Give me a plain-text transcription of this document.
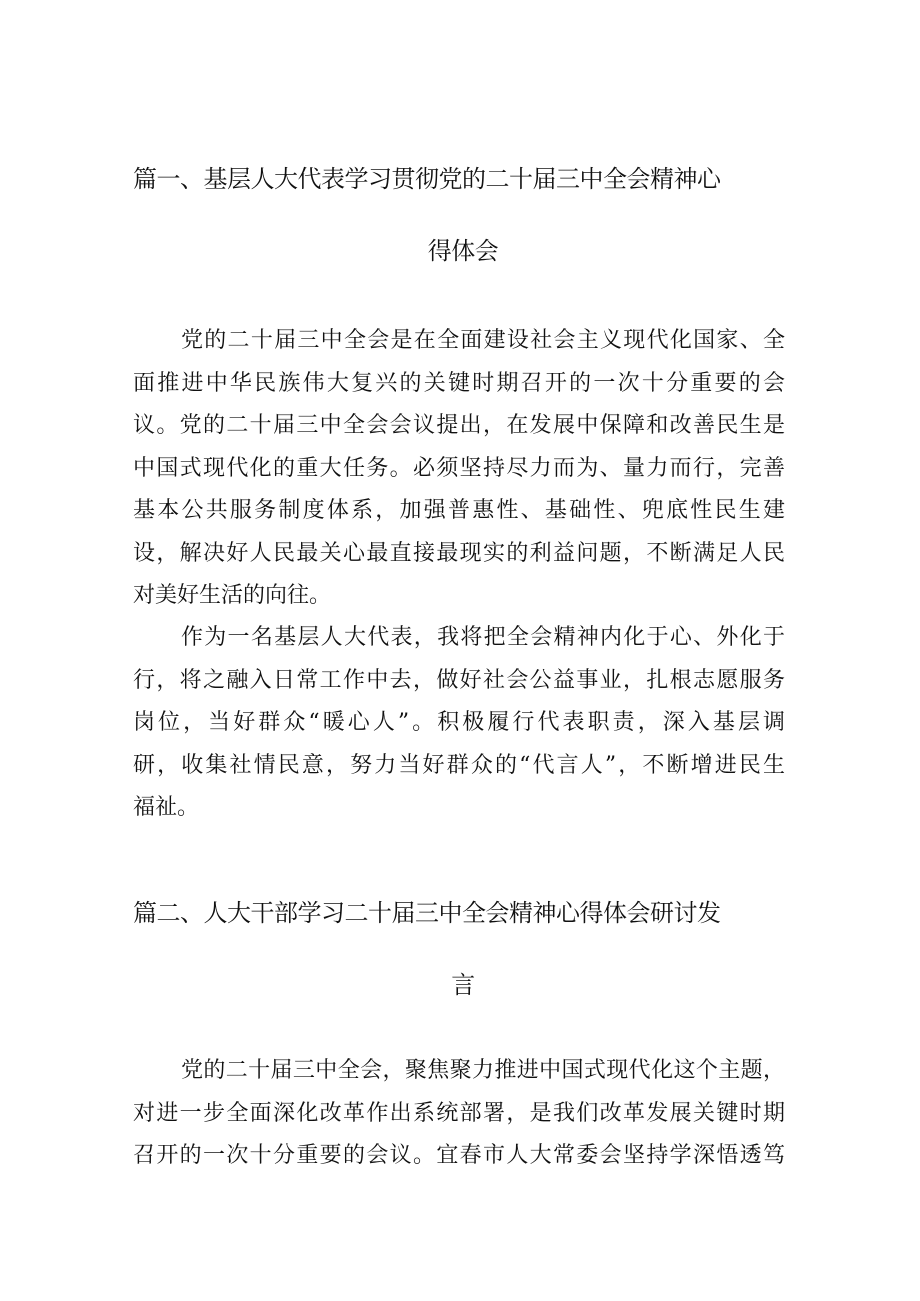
篇一、基层人大代表学习贯彻党的二十届三中全会精神心
得体会
党的二十届三中全会是在全面建设社会主义现代化国家、全
面推进中华民族伟大复兴的关键时期召开的一次十分重要的会
议。党的二十届三中全会会议提出，在发展中保障和改善民生是
中国式现代化的重大任务。必须坚持尽力而为、量力而行，完善
基本公共服务制度体系，加强普惠性、基础性、兜底性民生建
设，解决好人民最关心最直接最现实的利益问题，不断满足人民
对美好生活的向往。
作为一名基层人大代表，我将把全会精神内化于心、外化于
行，将之融入日常工作中去，做好社会公益事业，扎根志愿服务
岗位，当好群众“暖心人”。积极履行代表职责，深入基层调
研，收集社情民意，努力当好群众的“代言人”，不断增进民生
福祉。
篇二、人大干部学习二十届三中全会精神心得体会研讨发
言
党的二十届三中全会，聚焦聚力推进中国式现代化这个主题，
对进一步全面深化改革作出系统部署，是我们改革发展关键时期
召开的一次十分重要的会议。宜春市人大常委会坚持学深悟透笃
